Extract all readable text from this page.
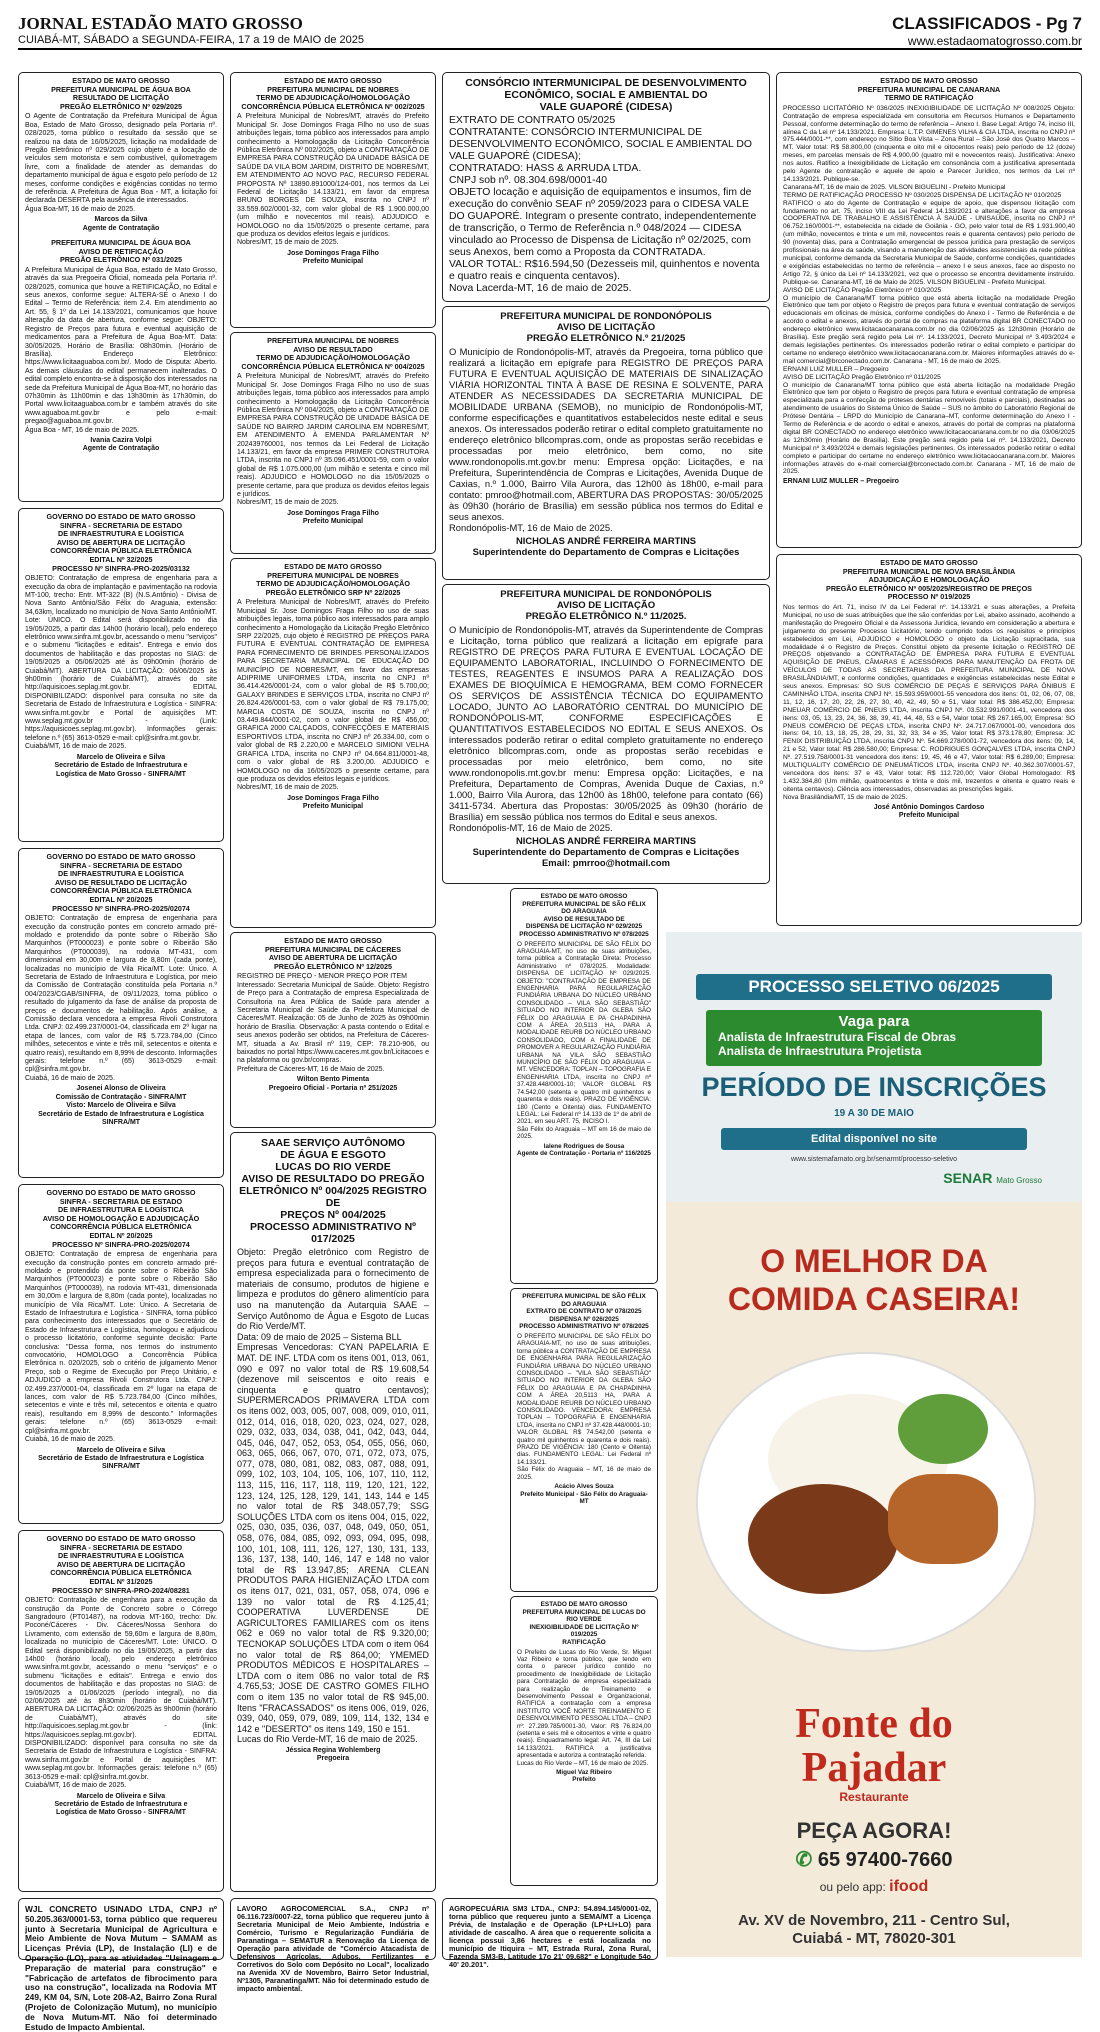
JORNAL ESTADÃO MATO GROSSO
CUIABÁ-MT, SÁBADO a SEGUNDA-FEIRA, 17 a 19 de MAIO de 2025
CLASSIFICADOS - Pg 7
www.estadaomatogrosso.com.br
ESTADO DE MATO GROSSO
PREFEITURA MUNICIPAL DE ÁGUA BOA
RESULTADO DE LICITAÇÃO
PREGÃO ELETRÔNICO Nº 029/2025
O Agente de Contratação da Prefeitura Municipal de Água Boa, Estado de Mato Grosso, designado pela Portaria nº. 028/2025, torna público o resultado da sessão que se realizou na data de 16/05/2025, licitação na modalidade de Pregão Eletrônico nº 029/2025 cujo objeto é a locação de veículos sem motorista e sem combustível, quilometragem livre, com a finalidade de atender as demandas do departamento municipal de água e esgoto pelo período de 12 meses, conforme condições e exigências contidas no termo de referência. A Prefeitura de Água Boa - MT, a licitação foi declarada DESERTA pela ausência de interessados.
Água Boa-MT, 16 de maio de 2025.
Marcos da Silva
Agente de Contratação
PREFEITURA MUNICIPAL DE ÁGUA BOA
AVISO DE RETIFICAÇÃO
PREGÃO ELETRÔNICO Nº 031/2025
A Prefeitura Municipal de Água Boa, estado de Mato Grosso, através da sua Pregoeira Oficial, nomeada pela Portaria nº. 028/2025, comunica que houve a RETIFICAÇÃO, no Edital e seus anexos, conforme segue: ALTERA-SE o Anexo I do Edital – Termo de Referência: item 2.4. Em atendimento ao Art. 55, § 1º da Lei 14.133/2021, comunicamos que houve alteração da data de abertura, conforme segue: OBJETO: Registro de Preços para futura e eventual aquisição de medicamentos para a Prefeitura de Água Boa-MT. Data: 30/05/2025. Horário de Brasília: 08h30min. (Horário de Brasília). Endereço Eletrônico: https://www.licitaaguaboa.com.br/. Modo de Disputa: Aberto. As demais cláusulas do edital permanecem inalteradas. O edital completo encontra-se à disposição dos interessados na sede da Prefeitura Municipal de Água Boa-MT, no horário das 07h30min às 11h00min e das 13h30min às 17h30min, do Portal www.licitaaguaboa.com.br e também através do site www.aguaboa.mt.gov.br e pelo e-mail: pregao@aguaboa.mt.gov.br.
Água Boa - MT, 16 de maio de 2025.
Ivania Cazira Volpi
Agente de Contratação
GOVERNO DO ESTADO DE MATO GROSSO
SINFRA - SECRETARIA DE ESTADO
DE INFRAESTRUTURA E LOGÍSTICA
AVISO DE ABERTURA DE LICITAÇÃO
CONCORRÊNCIA PÚBLICA ELETRÔNICA
EDITAL Nº 32/2025
PROCESSO Nº SINFRA-PRO-2025/03132
OBJETO: Contratação de empresa de engenharia para a execução da obra de implantação e pavimentação na rodovia MT-100, trecho: Entr. MT-322 (B) (N.S.Antônio) - Divisa de Nova Santo Antônio/São Félix do Araguaia, extensão: 34,63km, localizado no município de Nova Santo Antônio/MT. Lote: ÚNICO. O Edital será disponibilizado no dia 19/05/2025, a partir das 14h00 (horário local), pelo endereço eletrônico www.sinfra.mt.gov.br, acessando o menu "serviços" e o submenu "licitações e editais". Entrega e envio dos documentos de habilitação e das propostas no SIAG: de 19/05/2025 a 05/06/2025 até às 09h00min (horário de Cuiabá/MT). ABERTURA DA LICITAÇÃO: 06/06/2025 às 9h00min (horário de Cuiabá/MT), através do site http://aquisicoes.seplag.mt.gov.br. EDITAL DISPONIBILIZADO: disponível para consulta no site da Secretaria de Estado de Infraestrutura e Logística - SINFRA: www.sinfra.mt.gov.br e Portal de aquisições MT: www.seplag.mt.gov.br - (Link: https://aquisicoes.seplag.mt.gov.br). Informações gerais: telefone n.º (65) 3613-0529 e-mail: cpl@sinfra.mt.gov.br.
Cuiabá/MT, 16 de maio de 2025.
Marcelo de Oliveira e Silva
Secretário de Estado de Infraestrutura e
Logística de Mato Grosso - SINFRA/MT
GOVERNO DO ESTADO DE MATO GROSSO
SINFRA - SECRETARIA DE ESTADO
DE INFRAESTRUTURA E LOGÍSTICA
AVISO DE RESULTADO DE LICITAÇÃO
CONCORRÊNCIA PÚBLICA ELETRÔNICA
EDITAL Nº 20/2025
PROCESSO Nº SINFRA-PRO-2025/02074
OBJETO: Contratação de empresa de engenharia para execução da construção pontes em concreto armado pré-moldado e protendido da ponte sobre o Ribeirão São Marquinhos (PT000023) e ponte sobre o Ribeirão São Marquinhos (PT000039), na rodovia MT-431, com dimensional em 30,00m e largura de 8,80m (cada ponte), localizadas no município de Vila Rica/MT. Lote: Único. A Secretaria de Estado de Infraestrutura e Logística, por meio da Comissão de Contratação constituída pela Portaria n.º 004/2023/CGAB/SINFRA, de 09/11/2023, torna público o resultado do julgamento da fase de análise da proposta de preços e documentos de habilitação. Após análise, a Comissão declara vencedora a empresa Rivoli Construtora Ltda. CNPJ: 02.499.237/0001-04, classificada em 2º lugar na etapa de lances, com valor de R$ 5.723.784,00 (Cinco milhões, setecentos e vinte e três mil, setecentos e oitenta e quatro reais), resultando em 8,99% de desconto. Informações gerais: telefone n.º (65) 3613-0529 e-mail: cpl@sinfra.mt.gov.br.
Cuiabá, 16 de maio de 2025.
Josenei Alonso de Oliveira
Comissão de Contratação - SINFRA/MT
Visto: Marcelo de Oliveira e Silva
Secretário de Estado de Infraestrutura e Logística
SINFRA/MT
GOVERNO DO ESTADO DE MATO GROSSO
SINFRA - SECRETARIA DE ESTADO
DE INFRAESTRUTURA E LOGÍSTICA
AVISO DE HOMOLOGAÇÃO E ADJUDICAÇÃO
CONCORRÊNCIA PÚBLICA ELETRÔNICA
EDITAL Nº 20/2025
PROCESSO Nº SINFRA-PRO-2025/02074
OBJETO: Contratação de empresa de engenharia para execução da construção pontes em concreto armado pré-moldado e protendido da ponte sobre o Ribeirão São Marquinhos (PT000023) e ponte sobre o Ribeirão São Marquinhos (PT000039), na rodovia MT-431, dimensionada em 30,00m e largura de 8,80m (cada ponte), localizadas no município de Vila Rica/MT. Lote: Único. A Secretaria de Estado de Infraestrutura e Logística - SINFRA, torna público para conhecimento dos interessados que o Secretário de Estado de Infraestrutura e Logística, homologou e adjudicou o processo licitatório, conforme seguinte decisão: Parte conclusiva: "Dessa forma, nos termos do instrumento convocatório, HOMOLOGO a Concorrência Pública Eletrônica n. 020/2025, sob o critério de julgamento Menor Preço, sob o Regime de Execução por Preço Unitário, e ADJUDICO a empresa Rivoli Construtora Ltda. CNPJ: 02.499.237/0001-04, classificada em 2º lugar na etapa de lances, com valor de R$ 5.723.784,00 (Cinco milhões, setecentos e vinte e três mil, setecentos e oitenta e quatro reais), resultando em 8,99% de desconto." Informações gerais: telefone n.º (65) 3613-0529 e-mail: cpl@sinfra.mt.gov.br.
Cuiabá, 16 de maio de 2025.
Marcelo de Oliveira e Silva
Secretário de Estado de Infraestrutura e Logística
SINFRA/MT
GOVERNO DO ESTADO DE MATO GROSSO
SINFRA - SECRETARIA DE ESTADO
DE INFRAESTRUTURA E LOGÍSTICA
AVISO DE ABERTURA DE LICITAÇÃO
CONCORRÊNCIA PÚBLICA ELETRÔNICA
EDITAL Nº 31/2025
PROCESSO Nº SINFRA-PRO-2024/08281
OBJETO: Contratação de engenharia para a execução da construção da Ponte de Concreto sobre o Córrego Sangradouro (PT01487), na rodovia MT-160, trecho: Div. Poconé/Cáceres - Div. Cáceres/Nossa Senhora do Livramento, com extensão de 59,60m e largura de 8,80m, localizada no município de Cáceres/MT. Lote: ÚNICO. O Edital será disponibilizado no dia 19/05/2025, a partir das 14h00 (horário local), pelo endereço eletrônico www.sinfra.mt.gov.br, acessando o menu "serviços" e o submenu "licitações e editais". Entrega e envio dos documentos de habilitação e das propostas no SIAG: de 19/05/2025 a 01/06/2025 (período integral), no dia 02/06/2025 até às 8h30min (horário de Cuiabá/MT). ABERTURA DA LICITAÇÃO: 02/06/2025 às 9h00min (horário de Cuiabá/MT), através do site http://aquisicoes.seplag.mt.gov.br - (link: https://aquisicoes.seplag.mt.gov.br). EDITAL DISPONIBILIZADO: disponível para consulta no site da Secretaria de Estado de Infraestrutura e Logística - SINFRA: www.sinfra.mt.gov.br e Portal de aquisições MT: www.seplag.mt.gov.br. Informações gerais: telefone n.º (65) 3613-0529 e-mail: cpl@sinfra.mt.gov.br.
Cuiabá/MT, 16 de maio de 2025.
Marcelo de Oliveira e Silva
Secretário de Estado de Infraestrutura e
Logística de Mato Grosso - SINFRA/MT
WJL CONCRETO USINADO LTDA, CNPJ nº 50.205.363/0001-53, torna público que requereu junto à Secretaria Municipal de Agricultura e Meio Ambiente de Nova Mutum – SAMAM as Licenças Prévia (LP), de Instalação (LI) e de Operação (LO), para as atividades "Usinagem e Preparação de material para construção" e "Fabricação de artefatos de fibrocimento para uso na construção", localizada na Rodovia MT 249, KM 04, S/N, Lote 208-A2, Bairro Zona Rural (Projeto de Colonização Mutum), no município de Nova Mutum-MT. Não foi determinado Estudo de Impacto Ambiental.
ESTADO DE MATO GROSSO
PREFEITURA MUNICIPAL DE NOBRES
TERMO DE ADJUDICAÇÃO/HOMOLOGAÇÃO
CONCORRÊNCIA PÚBLICA ELETRÔNICA Nº 002/2025
A Prefeitura Municipal de Nobres/MT, através do Prefeito Municipal Sr. Jose Domingos Fraga Filho no uso de suas atribuições legais, torna público aos interessados para amplo conhecimento a Homologação da Licitação Concorrência Pública Eletrônica Nº 002/2025, objeto a CONTRATAÇÃO DE EMPRESA PARA CONSTRUÇÃO DA UNIDADE BÁSICA DE SAÚDE DA VILA BOM JARDIM, DISTRITO DE NOBRES/MT, EM ATENDIMENTO AO NOVO PAC, RECURSO FEDERAL PROPOSTA Nº 13890.891000/124-001, nos termos da Lei Federal de Licitação 14.133/21, em favor da empresa BRUNO BORGES DE SOUZA, inscrita no CNPJ nº 33.559.602/0001-32, com valor global de R$ 1.900.000,00 (um milhão e novecentos mil reais). ADJUDICO e HOMOLOGO no dia 15/05/2025 o presente certame, para que produza os devidos efeitos legais e jurídicos.
Nobres/MT, 15 de maio de 2025.
Jose Domingos Fraga Filho
Prefeito Municipal
PREFEITURA MUNICIPAL DE NOBRES
AVISO DE RESULTADO
TERMO DE ADJUDICAÇÃO/HOMOLOGAÇÃO
CONCORRÊNCIA PÚBLICA ELETRÔNICA Nº 004/2025
A Prefeitura Municipal de Nobres/MT, através do Prefeito Municipal Sr. Jose Domingos Fraga Filho no uso de suas atribuições legais, torna público aos interessados para amplo conhecimento a Homologação da Licitação Concorrência Pública Eletrônica Nº 004/2025, objeto a CONTRATAÇÃO DE EMPRESA PARA CONSTRUÇÃO DE UNIDADE BÁSICA DE SAÚDE NO BAIRRO JARDIM CAROLINA EM NOBRES/MT, EM ATENDIMENTO À EMENDA PARLAMENTAR Nº 202439760001, nos termos da Lei Federal de Licitação 14.133/21, em favor da empresa PRIMER CONSTRUTORA LTDA, inscrita no CNPJ nº 35.096.451/0001-59, com o valor global de R$ 1.075.000,00 (um milhão e setenta e cinco mil reais). ADJUDICO e HOMOLOGO no dia 15/05/2025 o presente certame, para que produza os devidos efeitos legais e jurídicos.
Nobres/MT, 15 de maio de 2025.
Jose Domingos Fraga Filho
Prefeito Municipal
ESTADO DE MATO GROSSO
PREFEITURA MUNICIPAL DE NOBRES
TERMO DE ADJUDICAÇÃO/HOMOLOGAÇÃO
PREGÃO ELETRÔNICO SRP Nº 22/2025
A Prefeitura Municipal de Nobres/MT, através do Prefeito Municipal Sr. Jose Domingos Fraga Filho no uso de suas atribuições legais, torna público aos interessados para amplo conhecimento a Homologação da Licitação Pregão Eletrônico SRP 22/2025, cujo objeto é REGISTRO DE PREÇOS PARA FUTURA E EVENTUAL CONTRATAÇÃO DE EMPRESA PARA FORNECIMENTO DE BRINDES PERSONALIZADOS PARA SECRETARIA MUNICIPAL DE EDUCAÇÃO DO MUNICÍPIO DE NOBRES/MT, em favor das empresas ADIPRIME UNIFORMES LTDA, inscrita no CNPJ nº 36.414.426/0001-24, com o valor global de R$ 5.700,00; GALAXY BRINDES E SERVIÇOS LTDA, inscrita no CNPJ nº 26.824.426/0001-53, com o valor global de R$ 79.175,00; MARCIA COSTA DE SOUZA, inscrita no CNPJ nº 03.449.844/0001-02, com o valor global de R$ 456,00; GRAFICA 2000 CALÇADOS, CONFECÇÕES E MATERIAIS ESPORTIVOS LTDA, inscrita no CNPJ nº 26.334.00, com o valor global de R$ 2.220,00 e MARCELO SIMIONI VELHA GRAFICA LTDA, inscrita no CNPJ nº 04.664.811/0001-48, com o valor global de R$ 3.200,00. ADJUDICO e HOMOLOGO no dia 16/05/2025 o presente certame, para que produza os devidos efeitos legais e jurídicos.
Nobres/MT, 16 de maio de 2025.
Jose Domingos Fraga Filho
Prefeito Municipal
ESTADO DE MATO GROSSO
PREFEITURA MUNICIPAL DE CÁCERES
AVISO DE ABERTURA DE LICITAÇÃO
PREGÃO ELETRÔNICO Nº 12/2025
REGISTRO DE PREÇO - MENOR PREÇO POR ITEM
Interessado: Secretaria Municipal de Saúde. Objeto: Registro de Preço para a Contratação de empresa Especializada de Consultoria na Área Pública de Saúde para atender a Secretaria Municipal de Saúde da Prefeitura Municipal de Cáceres/MT. Realização: 05 de Junho de 2025 às 09h00min horário de Brasília. Observação: A pasta contendo o Edital e seus anexos poderão ser obtidos, na Prefeitura de Cáceres-MT, situada a Av. Brasil nº 119, CEP: 78.210-906, ou baixados no portal https://www.caceres.mt.gov.br/Licitacoes e na plataforma ou gov.br/compras.
Prefeitura de Cáceres-MT, 16 de Maio de 2025.
Wilton Bento Pimenta
Pregoeiro Oficial - Portaria nº 251/2025
SAAE SERVIÇO AUTÔNOMO
DE ÁGUA E ESGOTO
LUCAS DO RIO VERDE
AVISO DE RESULTADO DO PREGÃO
ELETRÔNICO Nº 004/2025 REGISTRO DE
PREÇOS Nº 004/2025
PROCESSO ADMINISTRATIVO Nº 017/2025
Objeto: Pregão eletrônico com Registro de preços para futura e eventual contratação de empresa especializada para o fornecimento de materiais de consumo, produtos de higiene e limpeza e produtos do gênero alimentício para uso na manutenção da Autarquia SAAE – Serviço Autônomo de Água e Esgoto de Lucas do Rio Verde/MT.
Data: 09 de maio de 2025 – Sistema BLL
Empresas Vencedoras: CYAN PAPELARIA E MAT. DE INF. LTDA com os itens 001, 013, 061, 090 e 097 no valor total de R$ 19.608,54 (dezenove mil seiscentos e oito reais e cinquenta e quatro centavos); SUPERMERCADOS PRIMAVERA LTDA com os itens 002, 003, 005, 007, 008, 009, 010, 011, 012, 014, 016, 018, 020, 023, 024, 027, 028, 029, 032, 033, 034, 038, 041, 042, 043, 044, 045, 046, 047, 052, 053, 054, 055, 056, 060, 063, 065, 066, 067, 070, 071, 072, 073, 075, 077, 078, 080, 081, 082, 083, 087, 088, 091, 099, 102, 103, 104, 105, 106, 107, 110, 112, 113, 115, 116, 117, 118, 119, 120, 121, 122, 123, 124, 125, 128, 129, 141, 143, 144 e 145 no valor total de R$ 348.057,79; SSG SOLUÇÕES LTDA com os itens 004, 015, 022, 025, 030, 035, 036, 037, 048, 049, 050, 051, 058, 076, 084, 085, 092, 093, 094, 095, 098, 100, 101, 108, 111, 126, 127, 130, 131, 133, 136, 137, 138, 140, 146, 147 e 148 no valor total de R$ 13.947,85; ARENA CLEAN PRODUTOS PARA HIGIENIZAÇÃO LTDA com os itens 017, 021, 031, 057, 058, 074, 096 e 139 no valor total de R$ 4.125,41; COOPERATIVA LUVERDENSE DE AGRICULTORES FAMILIARES com os itens 062 e 069 no valor total de R$ 9.320,00; TECNOKAP SOLUÇÕES LTDA com o item 064 no valor total de R$ 864,00; YMEMED PRODUTOS MÉDICOS E HOSPITALARES – LTDA com o item 086 no valor total de R$ 4.765,53; JOSE DE CASTRO GOMES FILHO com o item 135 no valor total de R$ 945,00. Itens "FRACASSADOS" os itens 006, 019, 026, 039, 040, 059, 079, 089, 109, 114, 132, 134 e 142 e "DESERTO" os itens 149, 150 e 151.
Lucas do Rio Verde-MT, 16 de maio de 2025.
Jéssica Regina Wohlemberg
Pregoeira
LAVORO AGROCOMERCIAL S.A., CNPJ nº 06.116.723/0007-22, torna público que requereu junto à Secretaria Municipal de Meio Ambiente, Indústria e Comércio, Turismo e Regularização Fundiária de Paranatinga – SEMATUR a Renovação da Licença de Operação para atividade de "Comércio Atacadista de Defensivos Agrícolas, Adubos, Fertilizantes e Corretivos do Solo com Depósito no Local", localizado na Avenida XV de Novembro, Bairro Setor Industrial, Nº1305, Paranatinga/MT. Não foi determinado estudo de impacto ambiental.
CONSÓRCIO INTERMUNICIPAL DE DESENVOLVIMENTO
ECONÔMICO, SOCIAL E AMBIENTAL DO
VALE GUAPORÉ (CIDESA)
EXTRATO DE CONTRATO 05/2025
CONTRATANTE: CONSÓRCIO INTERMUNICIPAL DE DESENVOLVIMENTO ECONÔMICO, SOCIAL E AMBIENTAL DO VALE GUAPORÉ (CIDESA);
CONTRATADO: HASS & ARRUDA LTDA.
CNPJ sob nº. 08.304.698/0001-40
OBJETO locação e aquisição de equipamentos e insumos, fim de execução do convênio SEAF nº 2059/2023 para o CIDESA VALE DO GUAPORÉ. Integram o presente contrato, independentemente de transcrição, o Termo de Referência n.º 048/2024 — CIDESA vinculado ao Processo de Dispensa de Licitação nº 02/2025, com seus Anexos, bem como a Proposta da CONTRATADA.
VALOR TOTAL: R$16.594,50 (Dezesseis mil, quinhentos e noventa e quatro reais e cinquenta centavos).
Nova Lacerda-MT, 16 de maio de 2025.
PREFEITURA MUNICIPAL DE RONDONÓPOLIS
AVISO DE LICITAÇÃO
PREGÃO ELETRÔNICO N.º 21/2025
O Município de Rondonópolis-MT, através da Pregoeira, torna público que realizará a licitação em epígrafe para REGISTRO DE PREÇOS PARA FUTURA E EVENTUAL AQUISIÇÃO DE MATERIAIS DE SINALIZAÇÃO VIÁRIA HORIZONTAL TINTA À BASE DE RESINA E SOLVENTE, PARA ATENDER AS NECESSIDADES DA SECRETARIA MUNICIPAL DE MOBILIDADE URBANA (SEMOB), no município de Rondonópolis-MT, conforme especificações e quantitativos estabelecidos neste edital e seus anexos. Os interessados poderão retirar o edital completo gratuitamente no endereço eletrônico bllcompras.com, onde as propostas serão recebidas e processadas por meio eletrônico, bem como, no site www.rondonopolis.mt.gov.br menu: Empresa opção: Licitações, e na Prefeitura, Superintendência de Compras e Licitações, Avenida Duque de Caxias, n.º 1.000, Bairro Vila Aurora, das 12h00 às 18h00, e-mail para contato: pmroo@hotmail.com, ABERTURA DAS PROPOSTAS: 30/05/2025 às 09h30 (horário de Brasília) em sessão pública nos termos do Edital e seus anexos.
Rondonópolis-MT, 16 de Maio de 2025.
NICHOLAS ANDRÉ FERREIRA MARTINS
Superintendente do Departamento de Compras e Licitações
PREFEITURA MUNICIPAL DE RONDONÓPOLIS
AVISO DE LICITAÇÃO
PREGÃO ELETRÔNICO N.º 11/2025.
O Município de Rondonópolis-MT, através da Superintendente de Compras e Licitação, torna público que realizará a licitação em epígrafe para REGISTRO DE PREÇOS PARA FUTURA E EVENTUAL LOCAÇÃO DE EQUIPAMENTO LABORATORIAL, INCLUINDO O FORNECIMENTO DE TESTES, REAGENTES E INSUMOS PARA A REALIZAÇÃO DOS EXAMES DE BIOQUÍMICA E HEMOGRAMA, BEM COMO FORNECER OS SERVIÇOS DE ASSISTÊNCIA TÉCNICA DO EQUIPAMENTO LOCADO, JUNTO AO LABORATÓRIO CENTRAL DO MUNICÍPIO DE RONDONÓPOLIS-MT, CONFORME ESPECIFICAÇÕES E QUANTITATIVOS ESTABELECIDOS NO EDITAL E SEUS ANEXOS. Os interessados poderão retirar o edital completo gratuitamente no endereço eletrônico bllcompras.com, onde as propostas serão recebidas e processadas por meio eletrônico, bem como, no site www.rondonopolis.mt.gov.br menu: Empresa opção: Licitações, e na Prefeitura, Departamento de Compras, Avenida Duque de Caxias, n.º 1.000, Bairro Vila Aurora, das 12h00 às 18h00, telefone para contato (66) 3411-5734. Abertura das Propostas: 30/05/2025 às 09h30 (horário de Brasília) em sessão pública nos termos do Edital e seus anexos.
Rondonópolis-MT, 16 de Maio de 2025.
NICHOLAS ANDRÉ FERREIRA MARTINS
Superintendente do Departamento de Compras e Licitações
Email: pmrroo@hotmail.com
ESTADO DE MATO GROSSO
PREFEITURA MUNICIPAL DE SÃO FÉLIX DO ARAGUAIA
AVISO DE RESULTADO DE
DISPENSA DE LICITAÇÃO Nº 029/2025
PROCESSO ADMINISTRATIVO Nº 078/2025
O PREFEITO MUNICIPAL DE SÃO FÉLIX DO ARAGUAIA-MT, no uso de suas atribuições, torna pública a Contratação Direta: Processo Administrativo nº 078/2025. Modalidade: DISPENSA DE LICITAÇÃO Nº 029/2025. OBJETO: "CONTRATAÇÃO DE EMPRESA DE ENGENHARIA PARA REGULARIZAÇÃO FUNDIÁRIA URBANA DO NÚCLEO URBANO CONSOLIDADO – VILA SÃO SEBASTIÃO" SITUADO NO INTERIOR DA GLEBA SÃO FÉLIX DO ARAGUAIA E PA CHAPADINHA COM A ÁREA 20,5113 HA, PARA A MODALIDADE REURB DO NÚCLEO URBANO CONSOLIDADO, COM A FINALIDADE DE PROMOVER A REGULARIZAÇÃO FUNDIÁRIA URBANA NA VILA SÃO SEBASTIÃO MUNICÍPIO DE SÃO FÉLIX DO ARAGUAIA – MT. VENCEDORA: TOPLAN – TOPOGRAFIA E ENGENHARIA LTDA, inscrita no CNPJ nº 37.428.448/0001-10; VALOR GLOBAL R$ 74.542,00 (setenta e quatro mil quinhentos e quarenta e dois reais). PRAZO DE VIGÊNCIA: 180 (Cento e Oitenta) dias. FUNDAMENTO LEGAL: Lei Federal nº 14.133 de 1º de abril de 2021, em seu ART. 75, INCISO I.
São Félix do Araguaia – MT em 16 de maio de 2025.
Ialene Rodrigues de Sousa
Agente de Contratação - Portaria nº 116/2025
PREFEITURA MUNICIPAL DE SÃO FÉLIX DO ARAGUAIA
EXTRATO DE CONTRATO Nº 078/2025
DISPENSA Nº 026/2025
PROCESSO ADMINISTRATIVO Nº 078/2025
O PREFEITO MUNICIPAL DE SÃO FÉLIX DO ARAGUAIA-MT, no uso de suas atribuições, torna pública a CONTRATAÇÃO DE EMPRESA DE ENGENHARIA PARA REGULARIZAÇÃO FUNDIÁRIA URBANA DO NÚCLEO URBANO CONSOLIDADO – "VILA SÃO SEBASTIÃO" SITUADO NO INTERIOR DA GLEBA SÃO FÉLIX DO ARAGUAIA E PA CHAPADINHA COM A ÁREA 20,5113 HA, PARA A MODALIDADE REURB DO NÚCLEO URBANO CONSOLIDADO. VENCEDORA: EMPRESA TOPLAN – TOPOGRAFIA E ENGENHARIA LTDA, inscrita no CNPJ nº 37.428.448/0001-10; VALOR GLOBAL R$ 74.542,00 (setenta e quatro mil quinhentos e quarenta e dois reais). PRAZO DE VIGÊNCIA: 180 (Cento e Oitenta) dias. FUNDAMENTO LEGAL: Lei Federal nº 14.133/21.
São Félix do Araguaia – MT, 16 de maio de 2025.
Acácio Alves Souza
Prefeito Municipal - São Félix do Araguaia-MT
ESTADO DE MATO GROSSO
PREFEITURA MUNICIPAL DE LUCAS DO RIO VERDE
INEXIGIBILIDADE DE LICITAÇÃO Nº 019/2025
RATIFICAÇÃO
O Prefeito de Lucas do Rio Verde, Sr. Miguel Vaz Ribeiro e torna público, que tendo em conta o parecer jurídico contido no procedimento de Inexigibilidade de Licitação para Contratação de empresa especializada para realização de Treinamento e Desenvolvimento Pessoal e Organizacional, RATIFICA a contratação com a empresa INSTITUTO VOCÊ NORTE TREINAMENTO E DESENVOLVIMENTO PESSOAL LTDA – CNPJ nº: 27.289.785/0001-30, Valor: R$ 76.824,00 (setenta e seis mil e oitocentos e vinte e quatro reais). Enquadramento legal: Art. 74, III da Lei 14.133/2021. RATIFICA a justificativa apresentada e autoriza a contratação referida.
Lucas do Rio Verde – MT, 16 de maio de 2025.
Miguel Vaz Ribeiro
Prefeito
AGROPECUÁRIA SM3 LTDA., CNPJ: 54.894.145/0001-02, torna público que requereu junto a SEMA/MT a Licença Prévia, de Instalação e de Operação (LP+LI+LO) para atividade de cascalho. A área que o requerente solicita a licença possui 3,86 hectares e está localizada no município de Itiquira – MT, Estrada Rural, Zona Rural, Fazenda SM3-B, Latitude 17o 21' 09.682" e Longitude 54o 40' 20.201".
ESTADO DE MATO GROSSO
PREFEITURA MUNICIPAL DE CANARANA
TERMO DE RATIFICAÇÃO
PROCESSO LICITATÓRIO Nº 036/2025 INEXIGIBILIDADE DE LICITAÇÃO Nº 008/2025 Objeto: Contratação de empresa especializada em consultoria em Recursos Humanos e Departamento Pessoal, conforme determinação do termo de referência – Anexo I. Base Legal: Artigo 74, inciso III, alínea C da Lei nº 14.133/2021. Empresa: L.T.P. GIMENES VILHA & CIA LTDA, inscrita no CNPJ nº 975.444/0001-**, com endereço no Sítio Boa Vista – Zona Rural – São José dos Quatro Marcos – MT. Valor total: R$ 58.800,00 (cinquenta e oito mil e oitocentos reais) pelo período de 12 (doze) meses, em parcelas mensais de R$ 4.900,00 (quatro mil e novecentos reais). Justificativa: Anexo nos autos. Ratifico a Inexigibilidade de Licitação em consonância com a justificativa apresentada pelo Agente de contratação e aquele de apoio e Parecer Jurídico, nos termos da Lei nº 14.133/2021. Publique-se.
Canarana-MT, 16 de maio de 2025. VILSON BIGUELINI - Prefeito Municipal
TERMO DE RATIFICAÇÃO PROCESSO Nº 030/2025 DISPENSA DE LICITAÇÃO Nº 010/2025
RATIFICO o ato do Agente de Contratação e equipe de apoio, que dispensou licitação com fundamento no art. 75, inciso VIII da Lei Federal 14.133/2021 e alterações a favor da empresa COOPERATIVA DE TRABALHO E ASSISTÊNCIA À SAÚDE - UNISAÚDE, inscrita no CNPJ nº 06.752.160/0001-**, estabelecida na cidade de Goiânia - GO, pelo valor total de R$ 1.931.900,40 (um milhão, novecentos e trinta e um mil, novecentos reais e quarenta centavos) pelo período de 90 (noventa) dias, para a Contratação emergencial de pessoa jurídica para prestação de serviços profissionais na área da saúde, visando a manutenção das atividades assistenciais da rede pública municipal, conforme demanda da Secretaria Municipal de Saúde, conforme condições, quantidades e exigências estabelecidas no termo de referência – anexo I e seus anexos, face ao disposto no Artigo 72, § único da Lei nº 14.133/2021, vez que o processo se encontra devidamente instruído. Publique-se. Canarana-MT, 16 de Maio de 2025. VILSON BIGUELINI - Prefeito Municipal.
AVISO DE LICITAÇÃO Pregão Eletrônico nº 010/2025
O município de Canarana/MT torna público que está aberta licitação na modalidade Pregão Eletrônico que tem por objeto o Registro de preços para futura e eventual contratação de serviços educacionais em oficinas de música, conforme condições do Anexo I - Termo de Referência e de acordo o edital e anexos, através do portal de compras na plataforma digital BR CONECTADO no endereço eletrônico www.licitacaocanarana.com.br no dia 02/06/2025 às 12h30min (Horário de Brasília). Este pregão será regido pela Lei nº. 14.133/2021, Decreto Municipal nº 3.493/2024 e demais legislações pertinentes. Os interessados poderão retirar o edital completo e participar do certame no endereço eletrônico www.licitacaocanarana.com.br. Maiores informações através do e-mail comercial@brconectado.com.br. Canarana - MT, 16 de maio de 2025.
ERNANI LUIZ MULLER – Pregoeiro
AVISO DE LICITAÇÃO Pregão Eletrônico nº 011/2025
O município de Canarana/MT torna público que está aberta licitação na modalidade Pregão Eletrônico que tem por objeto o Registro de preços para futura e eventual contratação de empresa especializada para a confecção de próteses dentárias removíveis (totais e parciais), destinadas ao atendimento de usuários do Sistema Único de Saúde – SUS no âmbito do Laboratório Regional de Prótese Dentária – LRPD do Município de Canarana–MT, conforme determinação do Anexo I - Termo de Referência e de acordo o edital e anexos, através do portal de compras na plataforma digital BR CONECTADO no endereço eletrônico www.licitacaocanarana.com.br no dia 03/06/2025 às 12h30min (Horário de Brasília). Este pregão será regido pela Lei nº. 14.133/2021, Decreto Municipal nº 3.493/2024 e demais legislações pertinentes. Os interessados poderão retirar o edital completo e participar do certame no endereço eletrônico www.licitacaocanarana.com.br. Maiores informações através do e-mail comercial@brconectado.com.br. Canarana - MT, 16 de maio de 2025.
ERNANI LUIZ MULLER – Pregoeiro
ESTADO DE MATO GROSSO
PREFEITURA MUNICIPAL DE NOVA BRASILÂNDIA
ADJUDICAÇÃO E HOMOLOGAÇÃO
PREGÃO ELETRÔNICO Nº 005/2025/REGISTRO DE PREÇOS
PROCESSO Nº 019/2025
Nos termos do Art. 71, inciso IV da Lei Federal nº. 14.133/21 e suas alterações, a Prefeita Municipal, no uso de suas atribuições que lhe são conferidas por Lei, abaixo assinado, acolhendo a manifestação do Pregoeiro Oficial e da Assessoria Jurídica, levando em consideração a abertura e julgamento do presente Processo Licitatório, tendo cumprido todos os requisitos e princípios estabelecidos em Lei, ADJUDICO e HOMOLOGO o objeto da Licitação supracitada, sua modalidade é o Registro de Preços. Constitui objeto da presente licitação o REGISTRO DE PREÇOS objetivando a CONTRATAÇÃO DE EMPRESA PARA FUTURA E EVENTUAL AQUISIÇÃO DE PNEUS, CÂMARAS E ACESSÓRIOS PARA MANUTENÇÃO DA FROTA DE VEÍCULOS DE TODAS AS SECRETARIAS DA PREFEITURA MUNICIPAL DE NOVA BRASILÂNDIA/MT, e conforme condições, quantidades e exigências estabelecidas neste Edital e seus anexos. Empresas: SO SUS COMÉRCIO DE PEÇAS E SERVIÇOS PARA ÔNIBUS E CAMINHÃO LTDA, inscrita CNPJ Nº. 15.593.959/0001-55 vencedora dos itens: 01, 02, 06, 07, 08, 11, 12, 16, 17, 20, 22, 26, 27, 30, 40, 42, 49, 50 e 51, Valor total: R$ 386.452,00; Empresa: PNEUAR COMÉRCIO DE PNEUS LTDA, inscrita CNPJ Nº. 03.532.991/0001-41, vencedora dos itens: 03, 05, 13, 23, 24, 36, 38, 39, 41, 44, 48, 53 e 54, Valor total: R$ 267.165,00; Empresa: SO PNEUS COMÉRCIO DE PEÇAS LTDA, inscrita CNPJ Nº. 24.717.067/0001-00, vencedora dos itens: 04, 10, 13, 18, 25, 28, 29, 31, 32, 33, 34 e 35, Valor total: R$ 373.178,80; Empresa: JC FENIX DISTRIBUIÇÃO LTDA, inscrita CNPJ Nº. 54.669.278/0001-72, vencedora dos itens: 09, 14, 21 e 52, Valor total: R$ 286.580,00; Empresa: C. RODRIGUES GONÇALVES LTDA, inscrita CNPJ Nº. 27.519.758/0001-31 vencedora dos itens: 19, 45, 46 e 47, Valor total: R$ 6.289,00; Empresa: MULTIQUALITY COMÉRCIO DE PNEUMÁTICOS LTDA, inscrita CNPJ Nº. 40.362.307/0001-57, vencedora dos itens: 37 e 43, Valor total: R$ 112.720,00; Valor Global Homologado: R$ 1.432.384,80 (Um milhão, quatrocentos e trinta e dois mil, trezentos e oitenta e quatro reais e oitenta centavos). Ciência aos interessados, observadas as prescrições legais.
Nova Brasilândia/MT, 15 de maio de 2025.
José Antônio Domingos Cardoso
Prefeito Municipal
PROCESSO SELETIVO 06/2025
Vaga para
Analista de Infraestrutura Fiscal de Obras
Analista de Infraestrutura Projetista
PERÍODO DE INSCRIÇÕES
19 A 30 DE MAIO
Edital disponível no site
www.sistemafamato.org.br/senarmt/processo-seletivo
SENAR Mato Grosso
O MELHOR DA
COMIDA CASEIRA!
Fonte do
Pajadar
Restaurante
PEÇA AGORA!
✆ 65 97400-7660
ou pelo app: ifood
Av. XV de Novembro, 211 - Centro Sul,
Cuiabá - MT, 78020-301
